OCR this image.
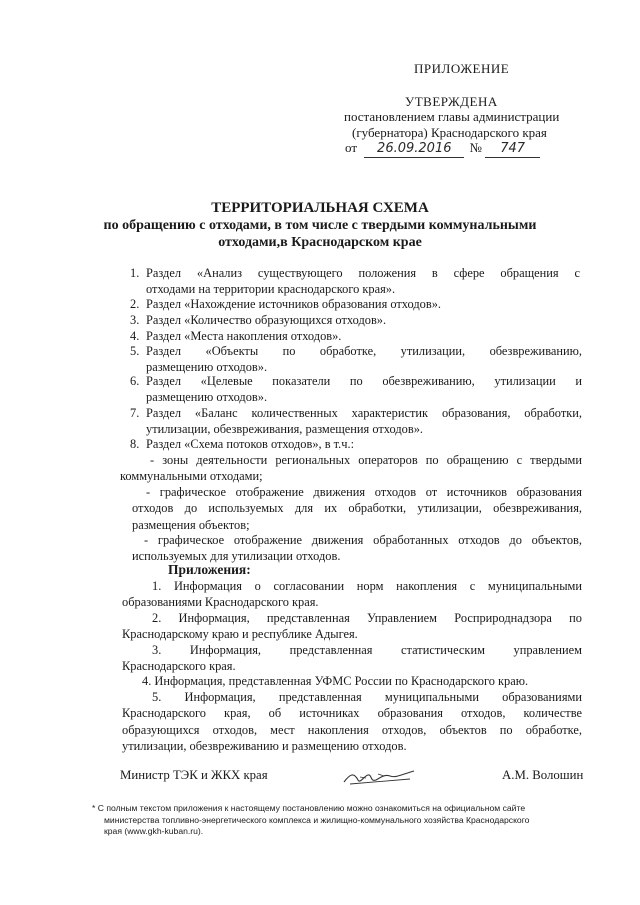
ПРИЛОЖЕНИЕ
УТВЕРЖДЕНА
постановлением главы администрации
(губернатора) Краснодарского края
от 26.09.2016 № 747
ТЕРРИТОРИАЛЬНАЯ СХЕМА
по обращению с отходами, в том числе с твердыми коммунальными
отходами,в Краснодарском крае
1. Раздел «Анализ существующего положения в сфере обращения с
отходами на территории краснодарского края».
2. Раздел «Нахождение источников образования отходов».
3. Раздел «Количество образующихся отходов».
4. Раздел «Места накопления отходов».
5. Раздел «Объекты по обработке, утилизации, обезвреживанию,
размещению отходов».
6. Раздел «Целевые показатели по обезвреживанию, утилизации и
размещению отходов».
7. Раздел «Баланс количественных характеристик образования, обработки,
утилизации, обезвреживания, размещения отходов».
8. Раздел «Схема потоков отходов», в т.ч.:
- зоны деятельности региональных операторов по обращению с твердыми
коммунальными отходами;
- графическое отображение движения отходов от источников образования
отходов до используемых для их обработки, утилизации, обезвреживания,
размещения объектов;
- графическое отображение движения обработанных отходов до объектов,
используемых для утилизации отходов.
Приложения:
1. Информация о согласовании норм накопления с муниципальными
образованиями Краснодарского края.
2. Информация, представленная Управлением Росприроднадзора по
Краснодарскому краю и республике Адыгея.
3. Информация, представленная статистическим управлением
Краснодарского края.
4. Информация, представленная УФМС России по Краснодарского краю.
5. Информация, представленная муниципальными образованиями
Краснодарского края, об источниках образования отходов, количестве
образующихся отходов, мест накопления отходов, объектов по обработке,
утилизации, обезвреживанию и размещению отходов.
Министр ТЭК и ЖКХ края	А.М. Волошин
* С полным текстом приложения к настоящему постановлению можно ознакомиться на официальном сайте
министерства топливно-энергетического комплекса и жилищно-коммунального хозяйства Краснодарского
края (www.gkh-kuban.ru).
